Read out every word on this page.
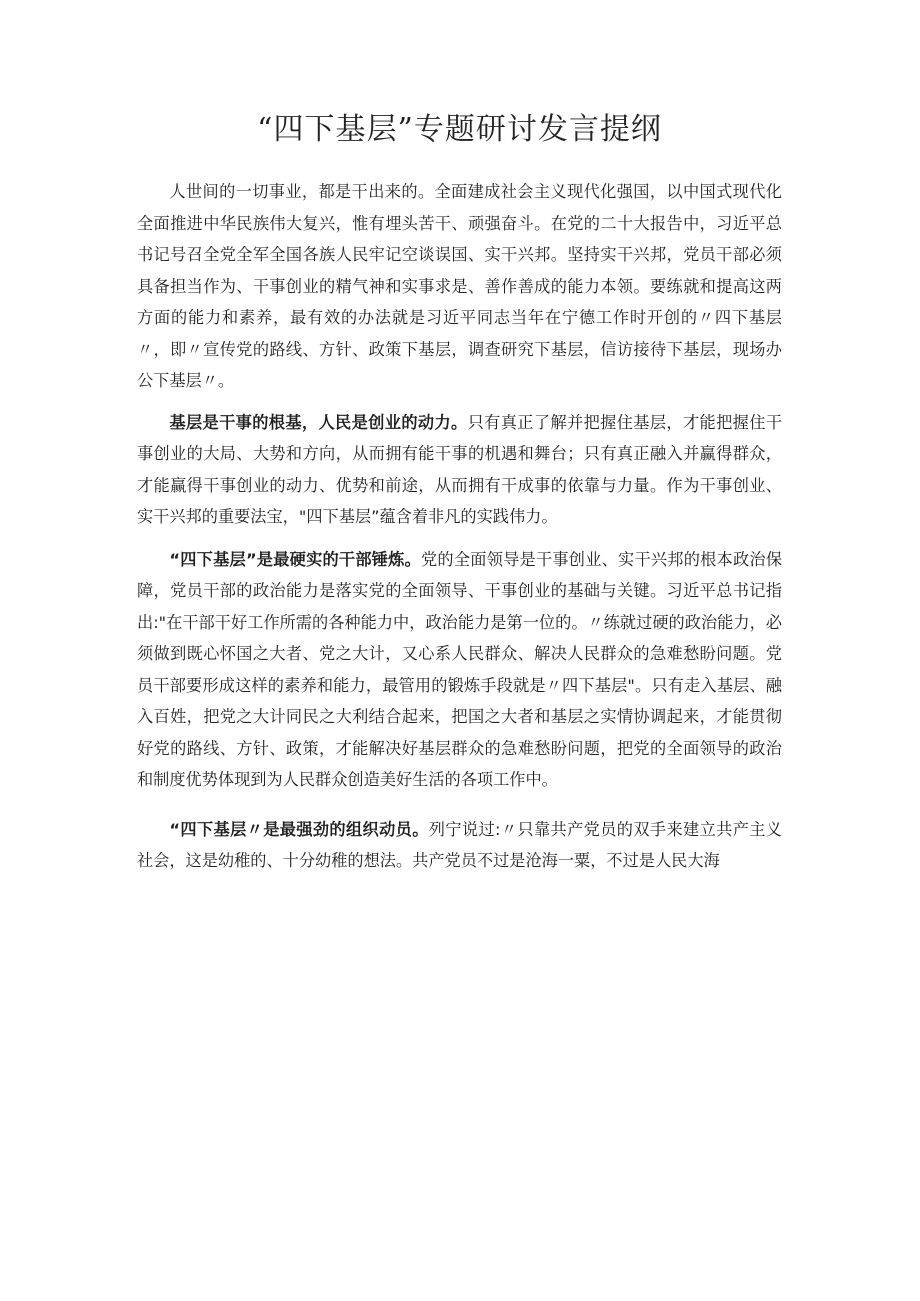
“四下基层”专题研讨发言提纲

人世间的一切事业，都是干出来的。全面建成社会主义现代化强国，以中国式现代化全面推进中华民族伟大复兴，惟有埋头苦干、顽强奋斗。在党的二十大报告中，习近平总书记号召全党全军全国各族人民牢记空谈误国、实干兴邦。坚持实干兴邦，党员干部必须具备担当作为、干事创业的精气神和实事求是、善作善成的能力本领。要练就和提高这两方面的能力和素养，最有效的办法就是习近平同志当年在宁德工作时开创的〃四下基层〃，即〃宣传党的路线、方针、政策下基层，调查研究下基层，信访接待下基层，现场办公下基层〃。

基层是干事的根基，人民是创业的动力。只有真正了解并把握住基层，才能把握住干事创业的大局、大势和方向，从而拥有能干事的机遇和舞台；只有真正融入并赢得群众，才能赢得干事创业的动力、优势和前途，从而拥有干成事的依靠与力量。作为干事创业、实干兴邦的重要法宝，"四下基层”蕴含着非凡的实践伟力。

“四下基层”是最硬实的干部锤炼。党的全面领导是干事创业、实干兴邦的根本政治保障，党员干部的政治能力是落实党的全面领导、干事创业的基础与关键。习近平总书记指出:"在干部干好工作所需的各种能力中，政治能力是第一位的。〃练就过硬的政治能力，必须做到既心怀国之大者、党之大计，又心系人民群众、解决人民群众的急难愁盼问题。党员干部要形成这样的素养和能力，最管用的锻炼手段就是〃四下基层"。只有走入基层、融入百姓，把党之大计同民之大利结合起来，把国之大者和基层之实情协调起来，才能贯彻好党的路线、方针、政策，才能解决好基层群众的急难愁盼问题，把党的全面领导的政治和制度优势体现到为人民群众创造美好生活的各项工作中。

“四下基层〃是最强劲的组织动员。列宁说过:〃只靠共产党员的双手来建立共产主义社会，这是幼稚的、十分幼稚的想法。共产党员不过是沧海一粟，不过是人民大海
